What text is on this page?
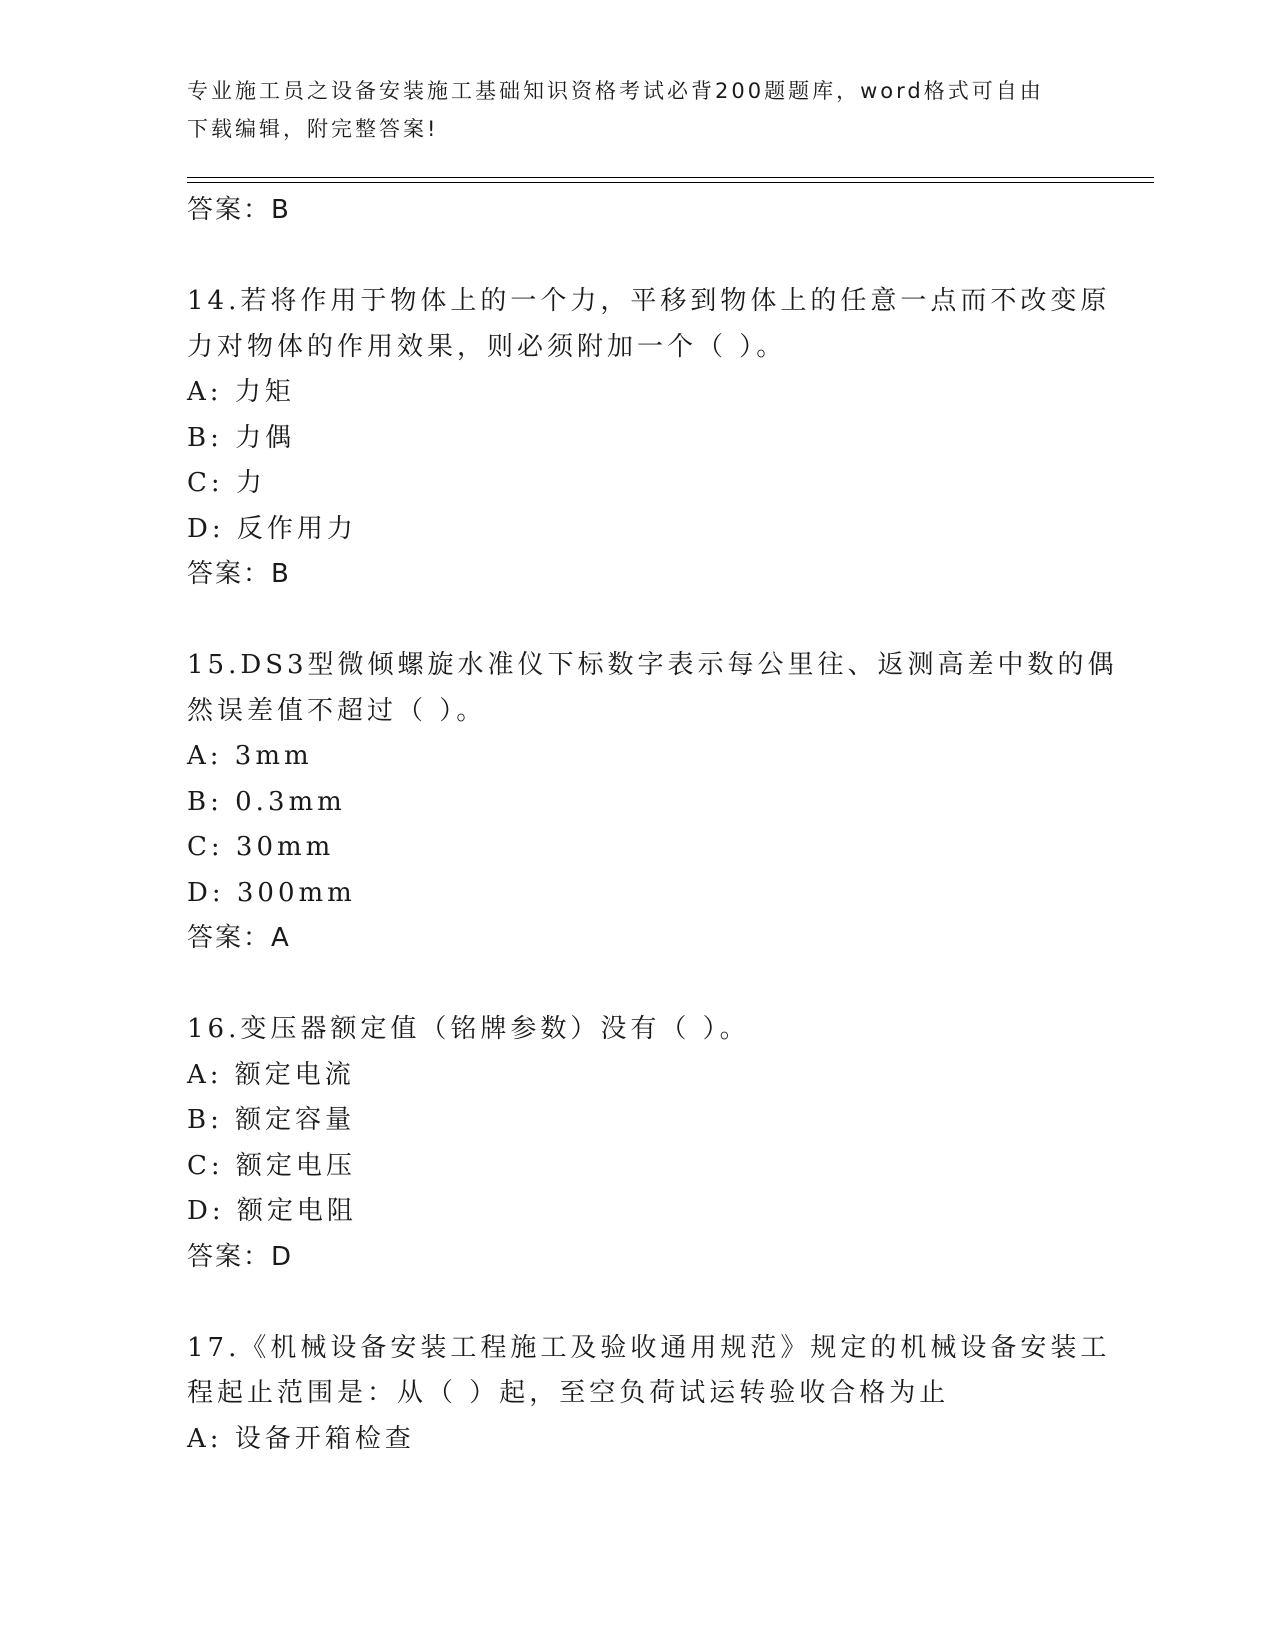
专业施工员之设备安装施工基础知识资格考试必背200题题库，word格式可自由
下载编辑，附完整答案!
答案：B
14.若将作用于物体上的一个力，平移到物体上的任意一点而不改变原
力对物体的作用效果，则必须附加一个（ ）。
A: 力矩
B: 力偶
C: 力
D: 反作用力
答案：B
15.DS3型微倾螺旋水准仪下标数字表示每公里往、返测高差中数的偶
然误差值不超过（ ）。
A: 3mm
B: 0.3mm
C: 30mm
D: 300mm
答案：A
16.变压器额定值（铭牌参数）没有（ ）。
A: 额定电流
B: 额定容量
C: 额定电压
D: 额定电阻
答案：D
17.《机械设备安装工程施工及验收通用规范》规定的机械设备安装工
程起止范围是：从（ ）起，至空负荷试运转验收合格为止
A: 设备开箱检查
